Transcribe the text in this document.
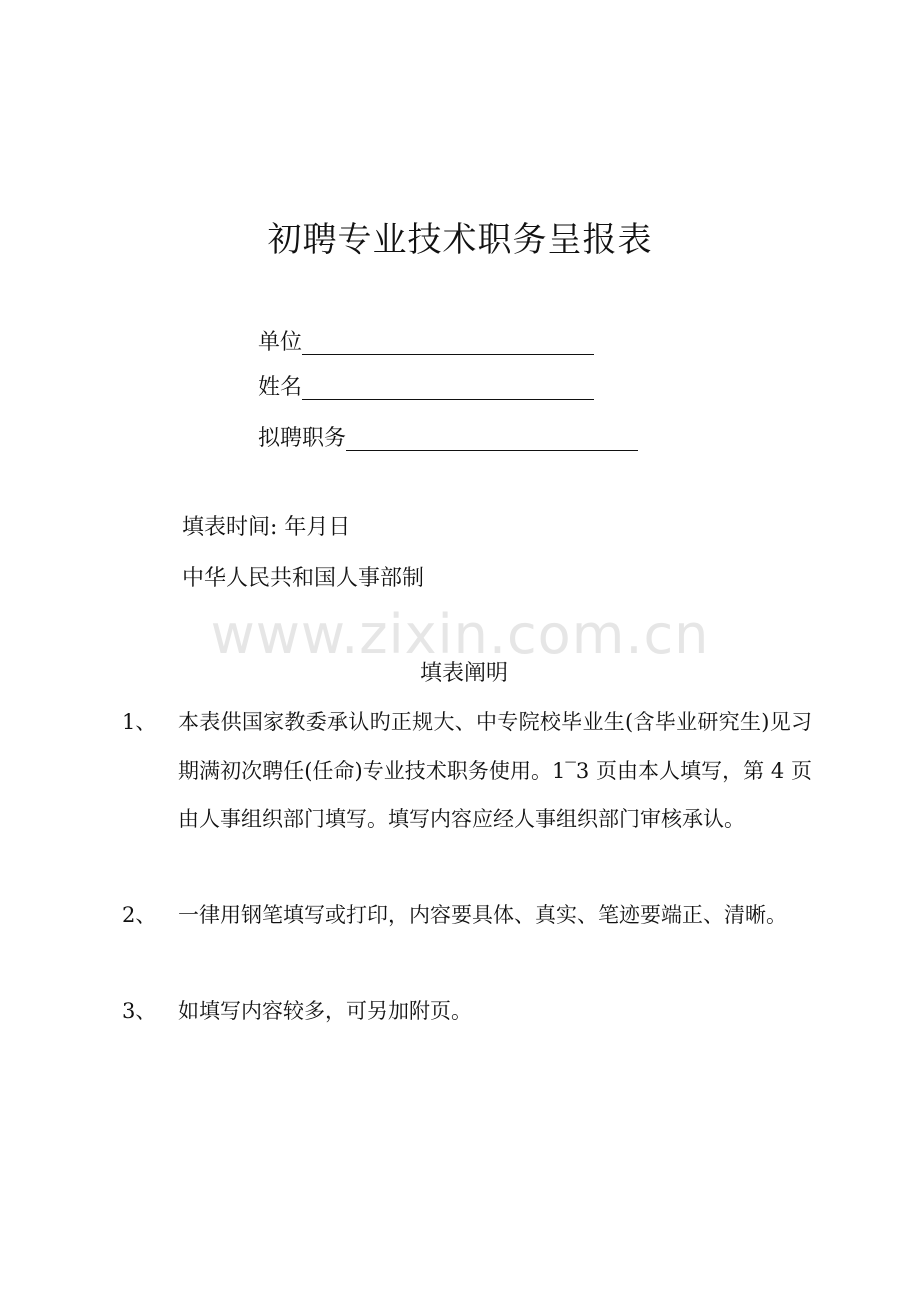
初聘专业技术职务呈报表
单位
姓名
拟聘职务
填表时间: 年月日
中华人民共和国人事部制
www.zixin.com.cn
填表阐明
1、 本表供国家教委承认旳正规大、中专院校毕业生(含毕业研究生)见习期满初次聘任(任命)专业技术职务使用。1‾3 页由本人填写，第 4 页由人事组织部门填写。填写内容应经人事组织部门审核承认。
2、 一律用钢笔填写或打印，内容要具体、真实、笔迹要端正、清晰。
3、 如填写内容较多，可另加附页。
